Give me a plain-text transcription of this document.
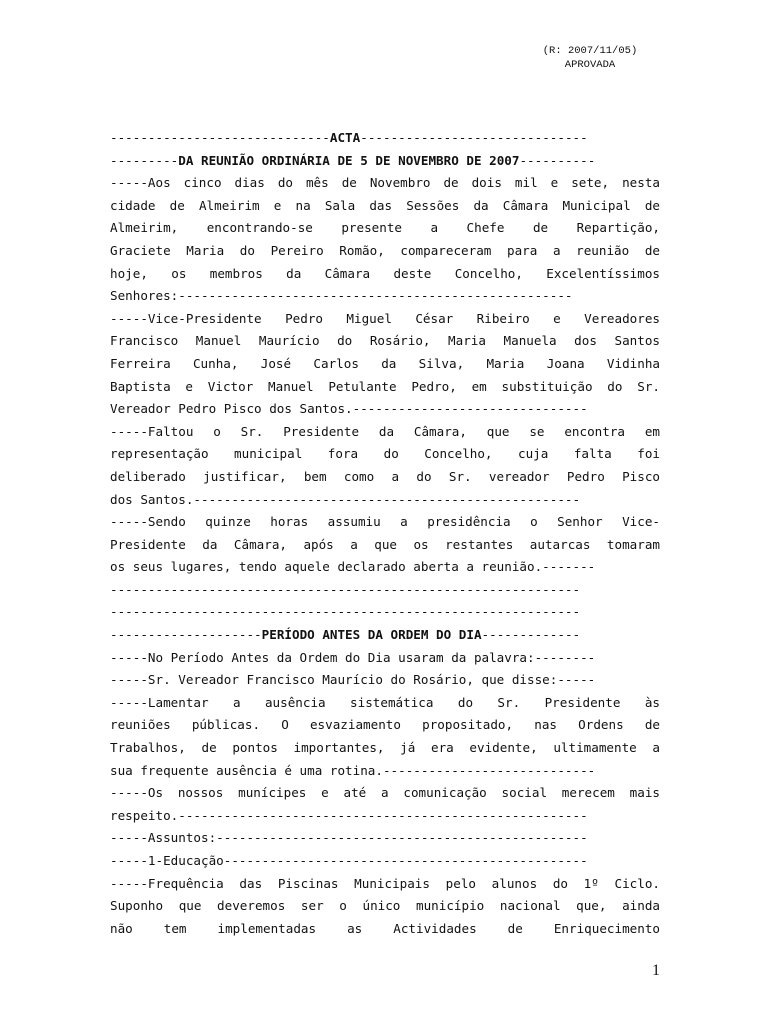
(R: 2007/11/05)
APROVADA
-----------------------------ACTA------------------------------
---------DA REUNIÃO ORDINÁRIA DE 5 DE NOVEMBRO DE 2007----------
-----Aos cinco dias do mês de Novembro de dois mil e sete, nesta
cidade de Almeirim e na Sala das Sessões da Câmara Municipal de
Almeirim, encontrando-se presente a Chefe de Repartição,
Graciete Maria do Pereiro Romão, compareceram para a reunião de
hoje, os membros da Câmara deste Concelho, Excelentíssimos
Senhores:----------------------------------------------------
-----Vice-Presidente Pedro Miguel César Ribeiro e Vereadores
Francisco Manuel Maurício do Rosário, Maria Manuela dos Santos
Ferreira Cunha, José Carlos da Silva, Maria Joana Vidinha
Baptista e Victor Manuel Petulante Pedro, em substituição do Sr.
Vereador Pedro Pisco dos Santos.-------------------------------
-----Faltou o Sr. Presidente da Câmara, que se encontra em
representação municipal fora do Concelho, cuja falta foi
deliberado justificar, bem como a do Sr. vereador Pedro Pisco
dos Santos.---------------------------------------------------
-----Sendo quinze horas assumiu a presidência o Senhor Vice-
Presidente da Câmara, após a que os restantes autarcas tomaram
os seus lugares, tendo aquele declarado aberta a reunião.-------
--------------------------------------------------------------
--------------------------------------------------------------
--------------------PERÍODO ANTES DA ORDEM DO DIA-------------
-----No Período Antes da Ordem do Dia usaram da palavra:--------
-----Sr. Vereador Francisco Maurício do Rosário, que disse:-----
-----Lamentar a ausência sistemática do Sr. Presidente às
reuniões públicas. O esvaziamento propositado, nas Ordens de
Trabalhos, de pontos importantes, já era evidente, ultimamente a
sua frequente ausência é uma rotina.----------------------------
-----Os nossos munícipes e até a comunicação social merecem mais
respeito.------------------------------------------------------
-----Assuntos:-------------------------------------------------
-----1-Educação------------------------------------------------
-----Frequência das Piscinas Municipais pelo alunos do 1º Ciclo.
Suponho que deveremos ser o único município nacional que, ainda
não tem implementadas as Actividades de Enriquecimento
1
